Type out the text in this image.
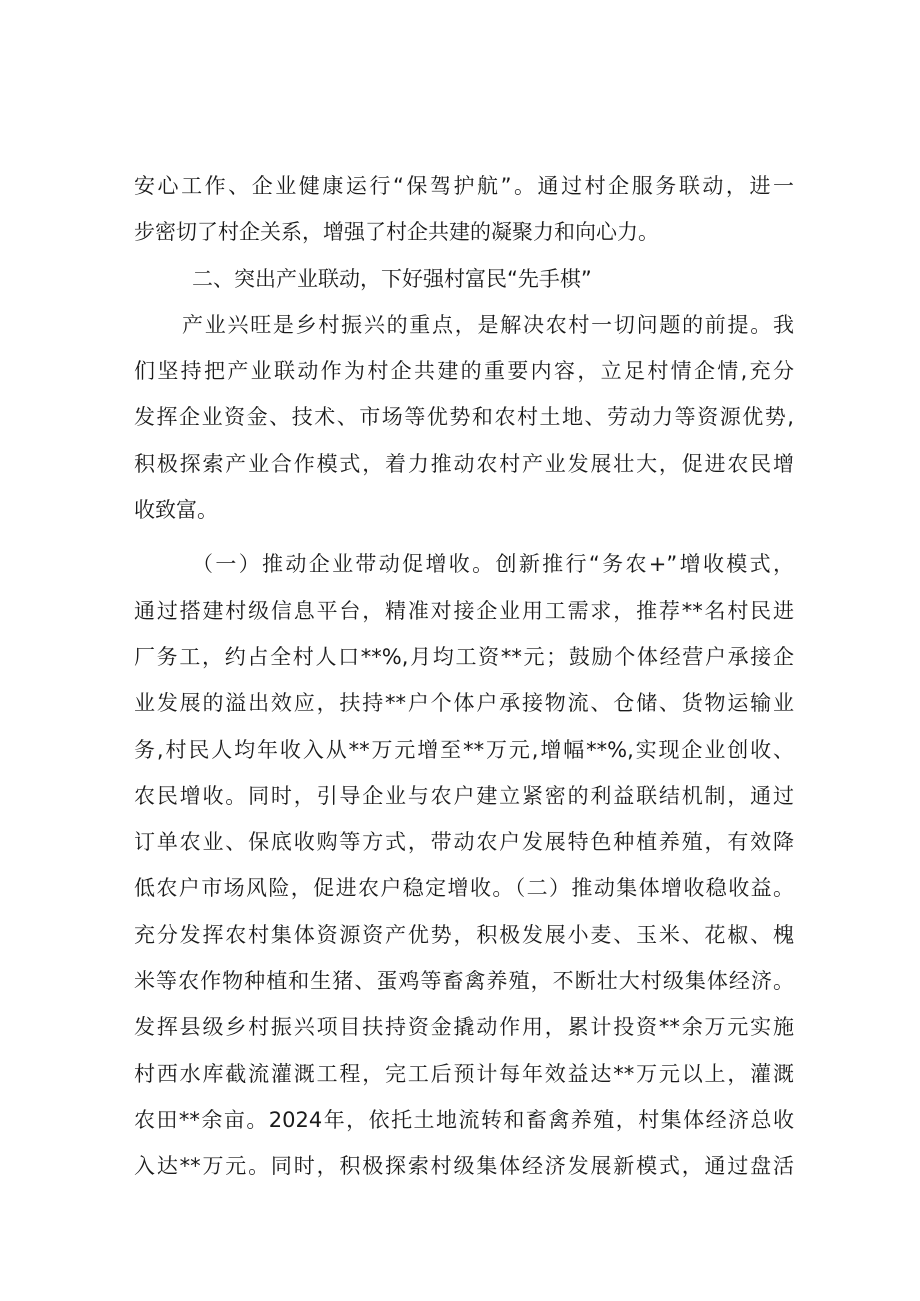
安心工作、企业健康运行“保驾护航”。通过村企服务联动，进一
步密切了村企关系，增强了村企共建的凝聚力和向心力。
二、突出产业联动，下好强村富民“先手棋”
产业兴旺是乡村振兴的重点，是解决农村一切问题的前提。我
们坚持把产业联动作为村企共建的重要内容，立足村情企情,充分
发挥企业资金、技术、市场等优势和农村土地、劳动力等资源优势,
积极探索产业合作模式，着力推动农村产业发展壮大，促进农民增
收致富。
（一）推动企业带动促增收。创新推行“务农+”增收模式，
通过搭建村级信息平台，精准对接企业用工需求，推荐**名村民进
厂务工，约占全村人口**%,月均工资**元；鼓励个体经营户承接企
业发展的溢出效应，扶持**户个体户承接物流、仓储、货物运输业
务,村民人均年收入从**万元增至**万元,增幅**%,实现企业创收、
农民增收。同时，引导企业与农户建立紧密的利益联结机制，通过
订单农业、保底收购等方式，带动农户发展特色种植养殖，有效降
低农户市场风险，促进农户稳定增收。（二）推动集体增收稳收益。
充分发挥农村集体资源资产优势，积极发展小麦、玉米、花椒、槐
米等农作物种植和生猪、蛋鸡等畜禽养殖，不断壮大村级集体经济。
发挥县级乡村振兴项目扶持资金撬动作用，累计投资**余万元实施
村西水库截流灌溉工程，完工后预计每年效益达**万元以上，灌溉
农田**余亩。2024年，依托土地流转和畜禽养殖，村集体经济总收
入达**万元。同时，积极探索村级集体经济发展新模式，通过盘活
